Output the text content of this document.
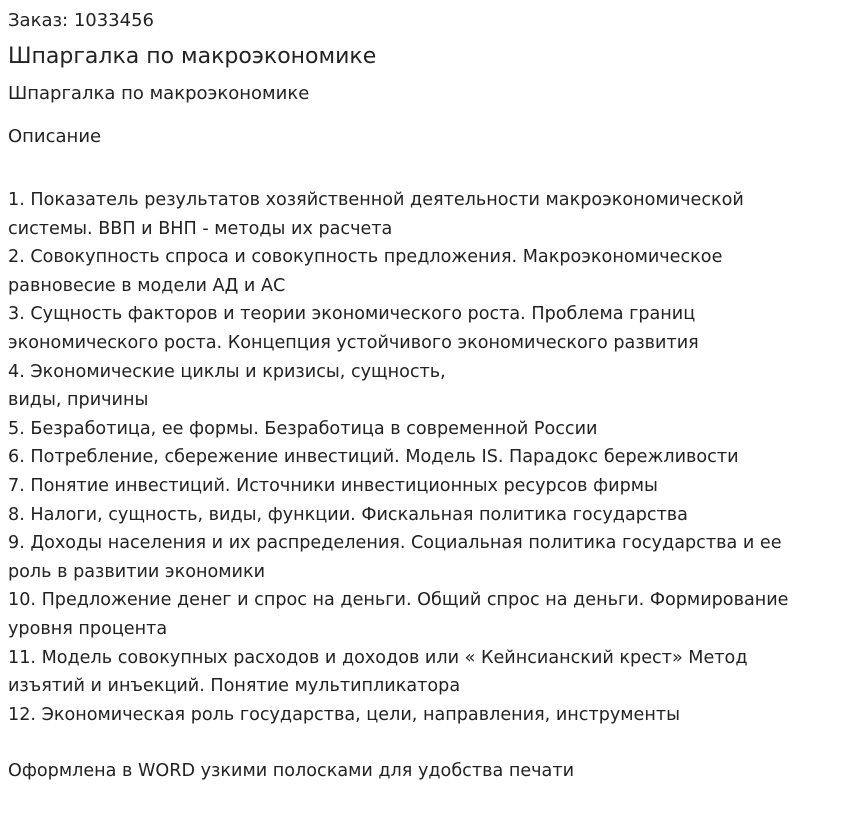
Заказ: 1033456

Шпаргалка по макроэкономике

Шпаргалка по макроэкономике

Описание

1. Показатель результатов хозяйственной деятельности макроэкономической системы. ВВП и ВНП - методы их расчета
2. Совокупность спроса и совокупность предложения. Макроэкономическое равновесие в модели АД и АС
3. Сущность факторов и теории экономического роста. Проблема границ экономического роста. Концепция устойчивого экономического развития
4. Экономические циклы и кризисы, сущность,
виды, причины
5. Безработица, ее формы. Безработица в современной России
6. Потребление, сбережение инвестиций. Модель IS. Парадокс бережливости
7. Понятие инвестиций. Источники инвестиционных ресурсов фирмы
8. Налоги, сущность, виды, функции. Фискальная политика государства
9. Доходы населения и их распределения. Социальная политика государства и ее роль в развитии экономики
10. Предложение денег и спрос на деньги. Общий спрос на деньги. Формирование уровня процента
11. Модель совокупных расходов и доходов или « Кейнсианский крест» Метод изъятий и инъекций. Понятие мультипликатора
12. Экономическая роль государства, цели, направления, инструменты

Оформлена в WORD узкими полосками для удобства печати
